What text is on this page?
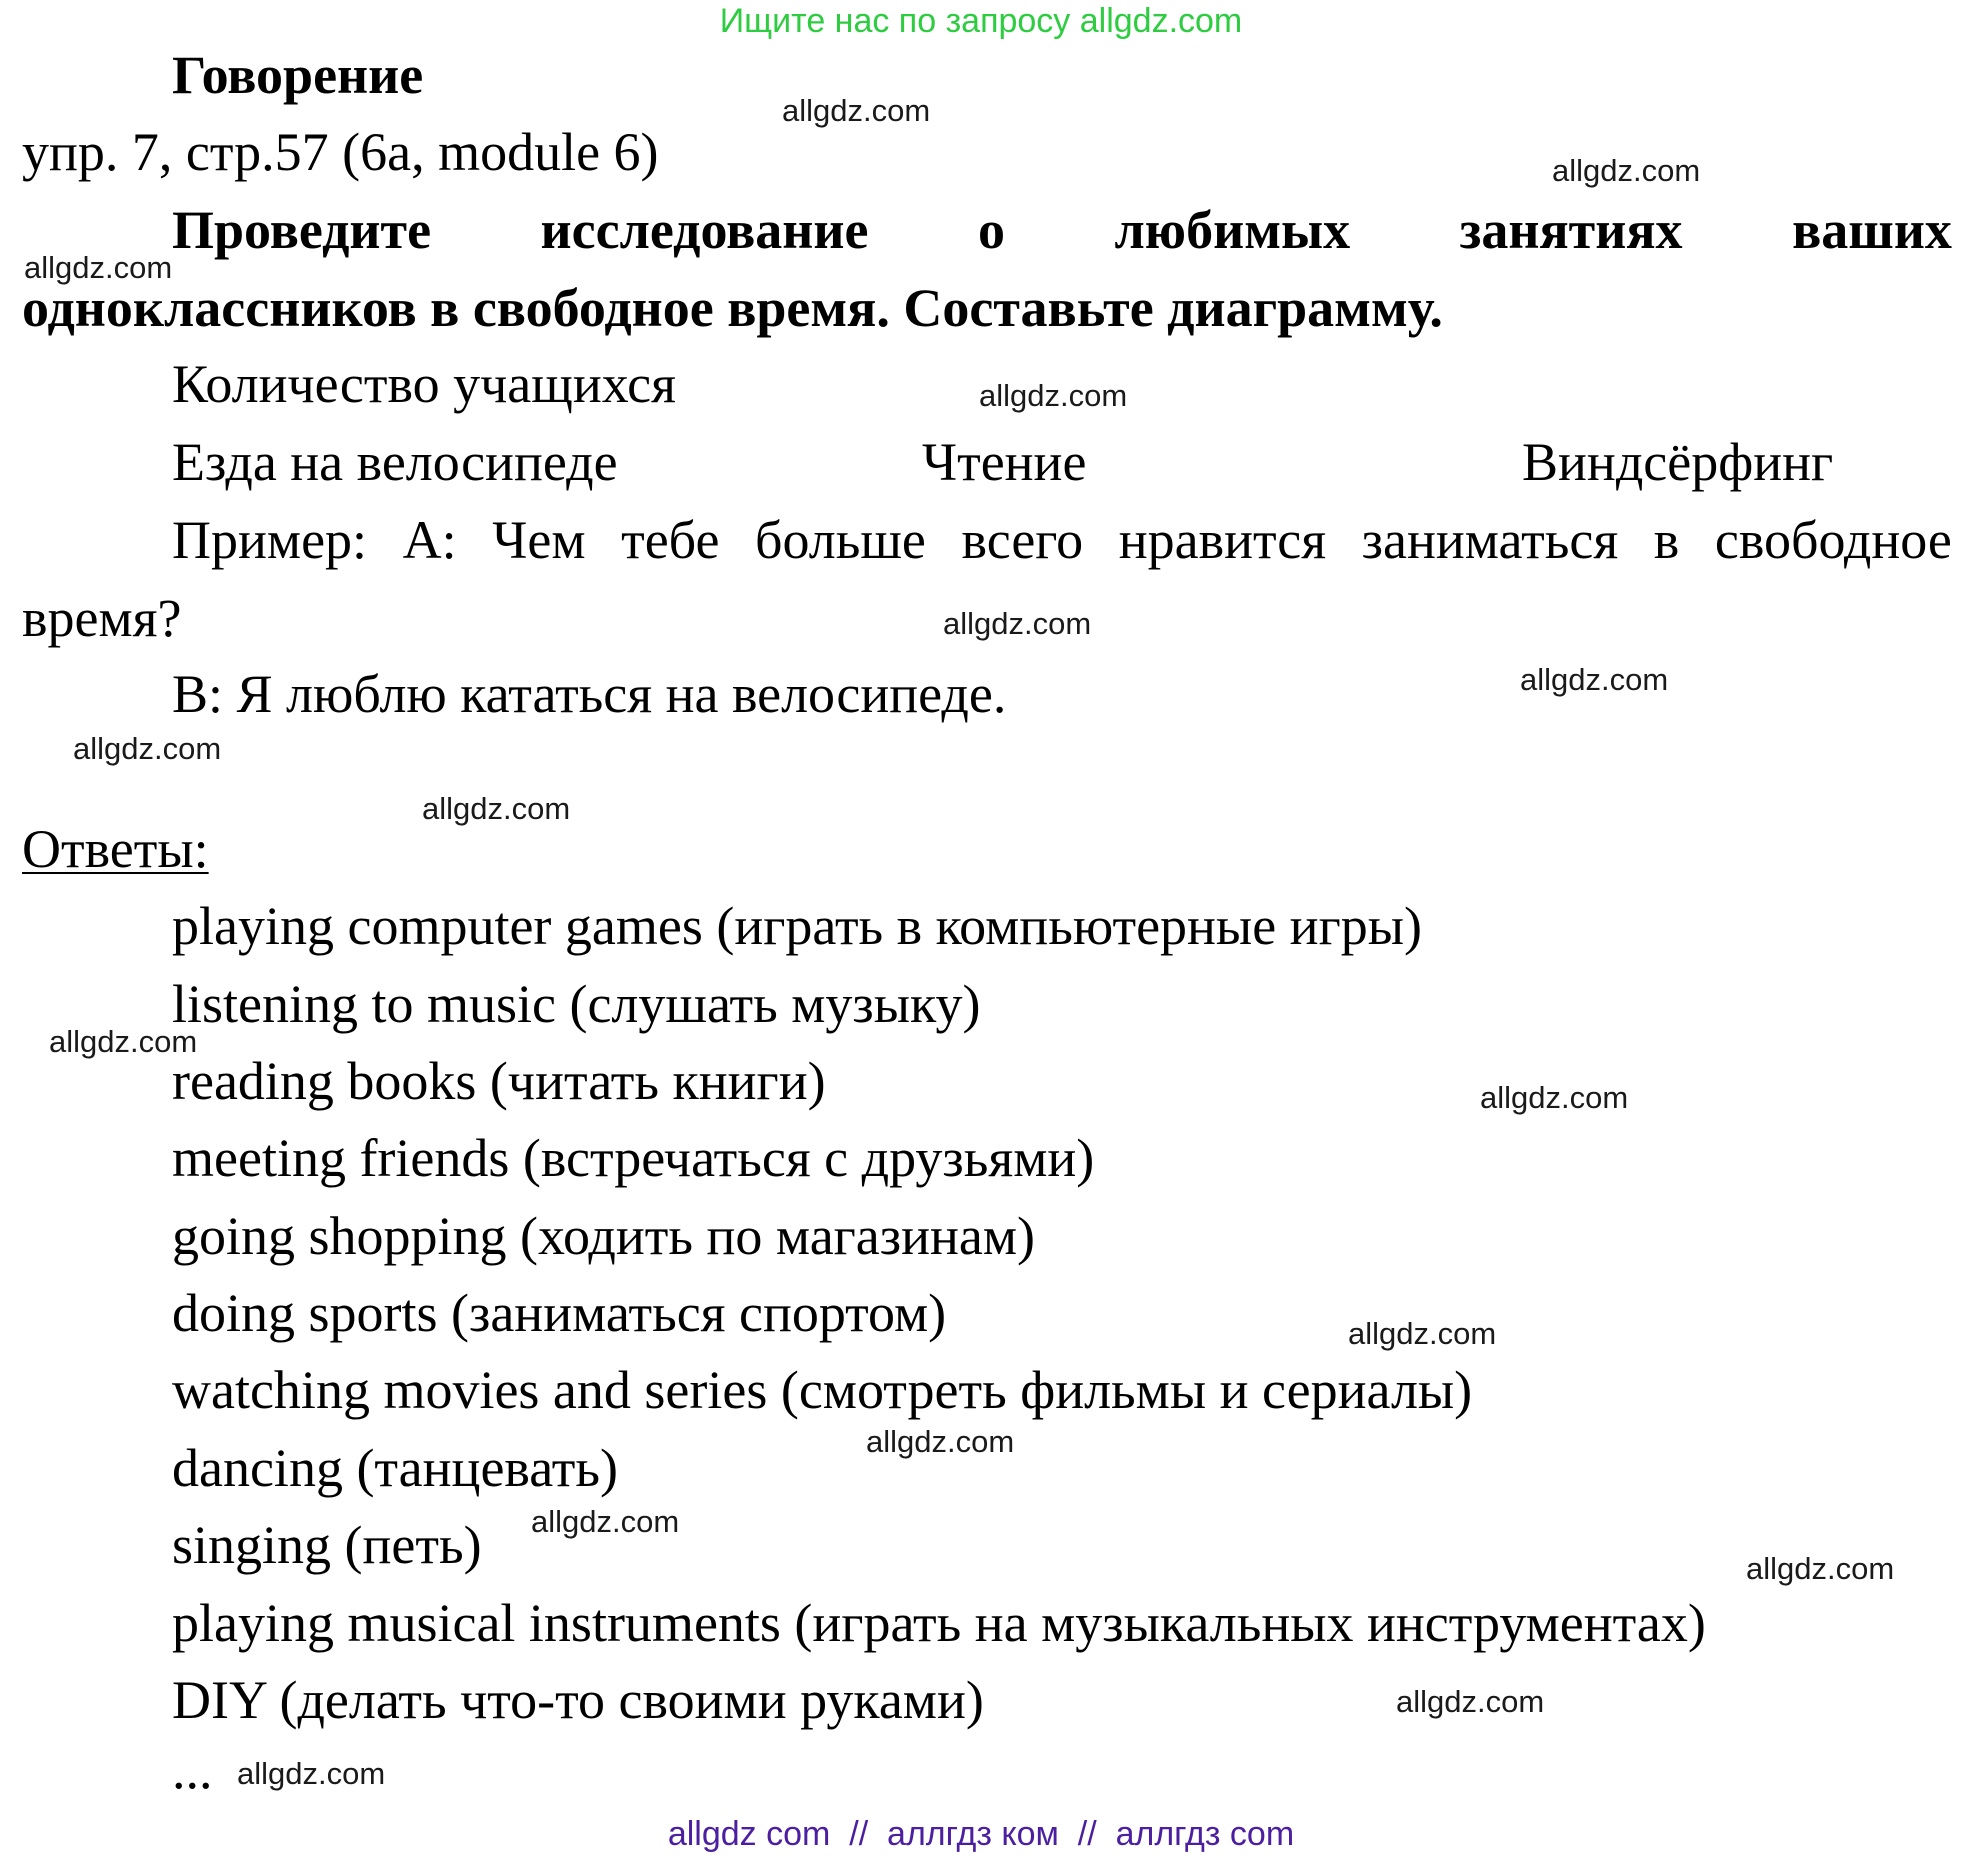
Ищите нас по запросу allgdz.com
Говорение
упр. 7, стр.57 (6a, module 6)
Проведите исследование о любимых занятиях ваших
одноклассников в свободное время. Составьте диаграмму.
Количество учащихся
Езда на велосипеде	Чтение	Виндсёрфинг
Пример: А: Чем тебе больше всего нравится заниматься в свободное
время?
В: Я люблю кататься на велосипеде.
Ответы:
playing computer games (играть в компьютерные игры)
listening to music (слушать музыку)
reading books (читать книги)
meeting friends (встречаться с друзьями)
going shopping (ходить по магазинам)
doing sports (заниматься спортом)
watching movies and series (смотреть фильмы и сериалы)
dancing (танцевать)
singing (петь)
playing musical instruments (играть на музыкальных инструментах)
DIY (делать что-то своими руками)
...
allgdz.com
allgdz.com
allgdz.com
allgdz.com
allgdz.com
allgdz.com
allgdz.com
allgdz.com
allgdz.com
allgdz.com
allgdz.com
allgdz.com
allgdz.com
allgdz.com
allgdz.com
allgdz.com
allgdz com  //  аллгдз ком  //  аллгдз com
